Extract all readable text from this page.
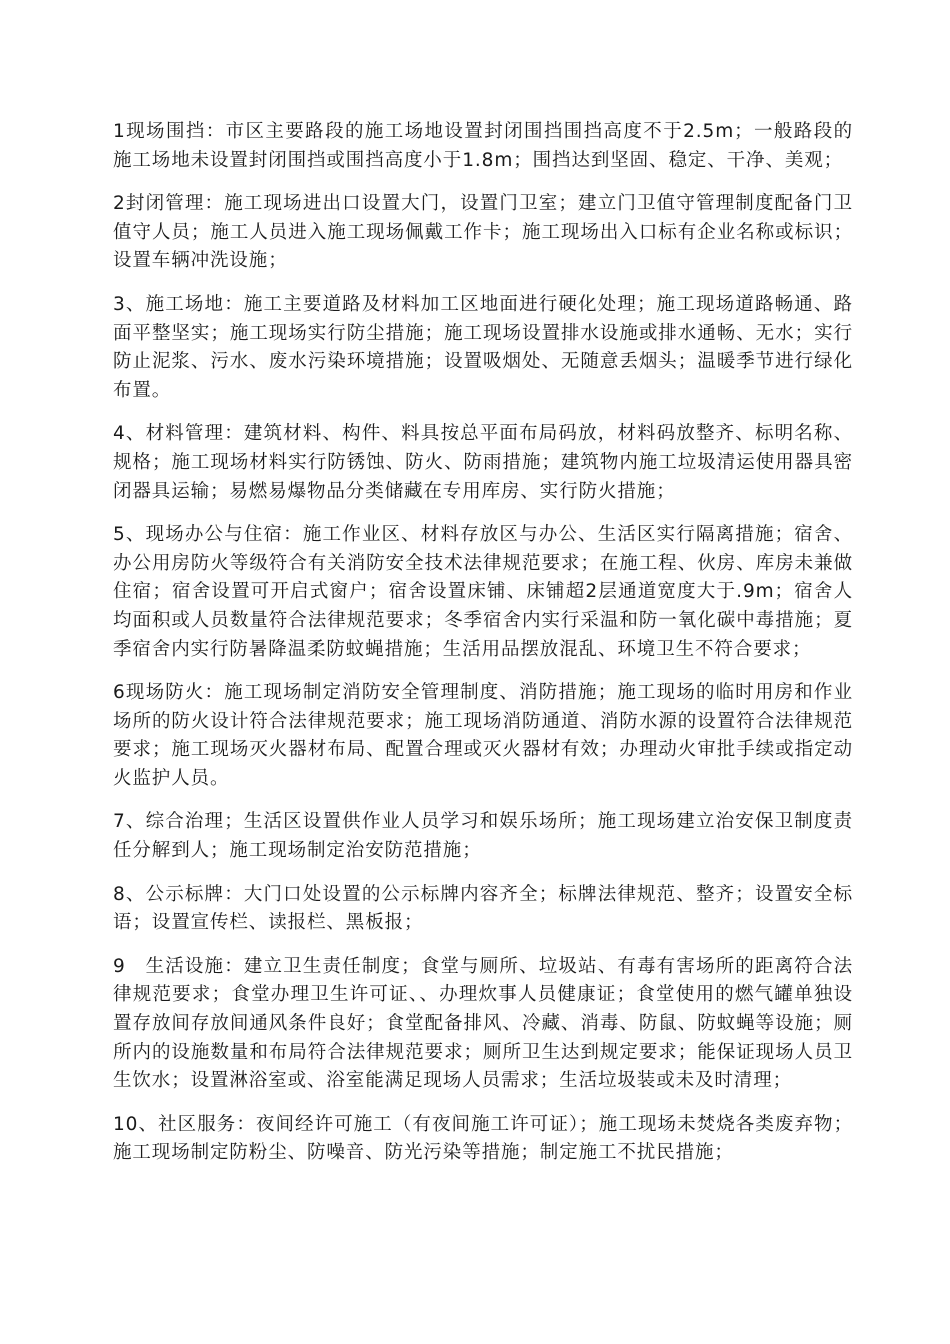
1现场围挡：市区主要路段的施工场地设置封闭围挡围挡高度不于2.5m；一般路段的施工场地未设置封闭围挡或围挡高度小于1.8m；围挡达到坚固、稳定、干净、美观；

2封闭管理：施工现场进出口设置大门，设置门卫室；建立门卫值守管理制度配备门卫值守人员；施工人员进入施工现场佩戴工作卡；施工现场出入口标有企业名称或标识；设置车辆冲洗设施；

3、施工场地：施工主要道路及材料加工区地面进行硬化处理；施工现场道路畅通、路面平整坚实；施工现场实行防尘措施；施工现场设置排水设施或排水通畅、无水；实行防止泥浆、污水、废水污染环境措施；设置吸烟处、无随意丢烟头；温暖季节进行绿化布置。

4、材料管理：建筑材料、构件、料具按总平面布局码放，材料码放整齐、标明名称、规格；施工现场材料实行防锈蚀、防火、防雨措施；建筑物内施工垃圾清运使用器具密闭器具运输；易燃易爆物品分类储藏在专用库房、实行防火措施；

5、现场办公与住宿：施工作业区、材料存放区与办公、生活区实行隔离措施；宿舍、办公用房防火等级符合有关消防安全技术法律规范要求；在施工程、伙房、库房未兼做住宿；宿舍设置可开启式窗户；宿舍设置床铺、床铺超2层通道宽度大于.9m；宿舍人均面积或人员数量符合法律规范要求；冬季宿舍内实行采温和防一氧化碳中毒措施；夏季宿舍内实行防暑降温柔防蚊蝇措施；生活用品摆放混乱、环境卫生不符合要求；

6现场防火：施工现场制定消防安全管理制度、消防措施；施工现场的临时用房和作业场所的防火设计符合法律规范要求；施工现场消防通道、消防水源的设置符合法律规范要求；施工现场灭火器材布局、配置合理或灭火器材有效；办理动火审批手续或指定动火监护人员。

7、综合治理；生活区设置供作业人员学习和娱乐场所；施工现场建立治安保卫制度责任分解到人；施工现场制定治安防范措施；

8、公示标牌：大门口处设置的公示标牌内容齐全；标牌法律规范、整齐；设置安全标语；设置宣传栏、读报栏、黑板报；

9　生活设施：建立卫生责任制度；食堂与厕所、垃圾站、有毒有害场所的距离符合法律规范要求；食堂办理卫生许可证、、办理炊事人员健康证；食堂使用的燃气罐单独设置存放间存放间通风条件良好；食堂配备排风、冷藏、消毒、防鼠、防蚊蝇等设施；厕所内的设施数量和布局符合法律规范要求；厕所卫生达到规定要求；能保证现场人员卫生饮水；设置淋浴室或、浴室能满足现场人员需求；生活垃圾装或未及时清理；

10、社区服务：夜间经许可施工（有夜间施工许可证）；施工现场未焚烧各类废弃物；施工现场制定防粉尘、防噪音、防光污染等措施；制定施工不扰民措施；
